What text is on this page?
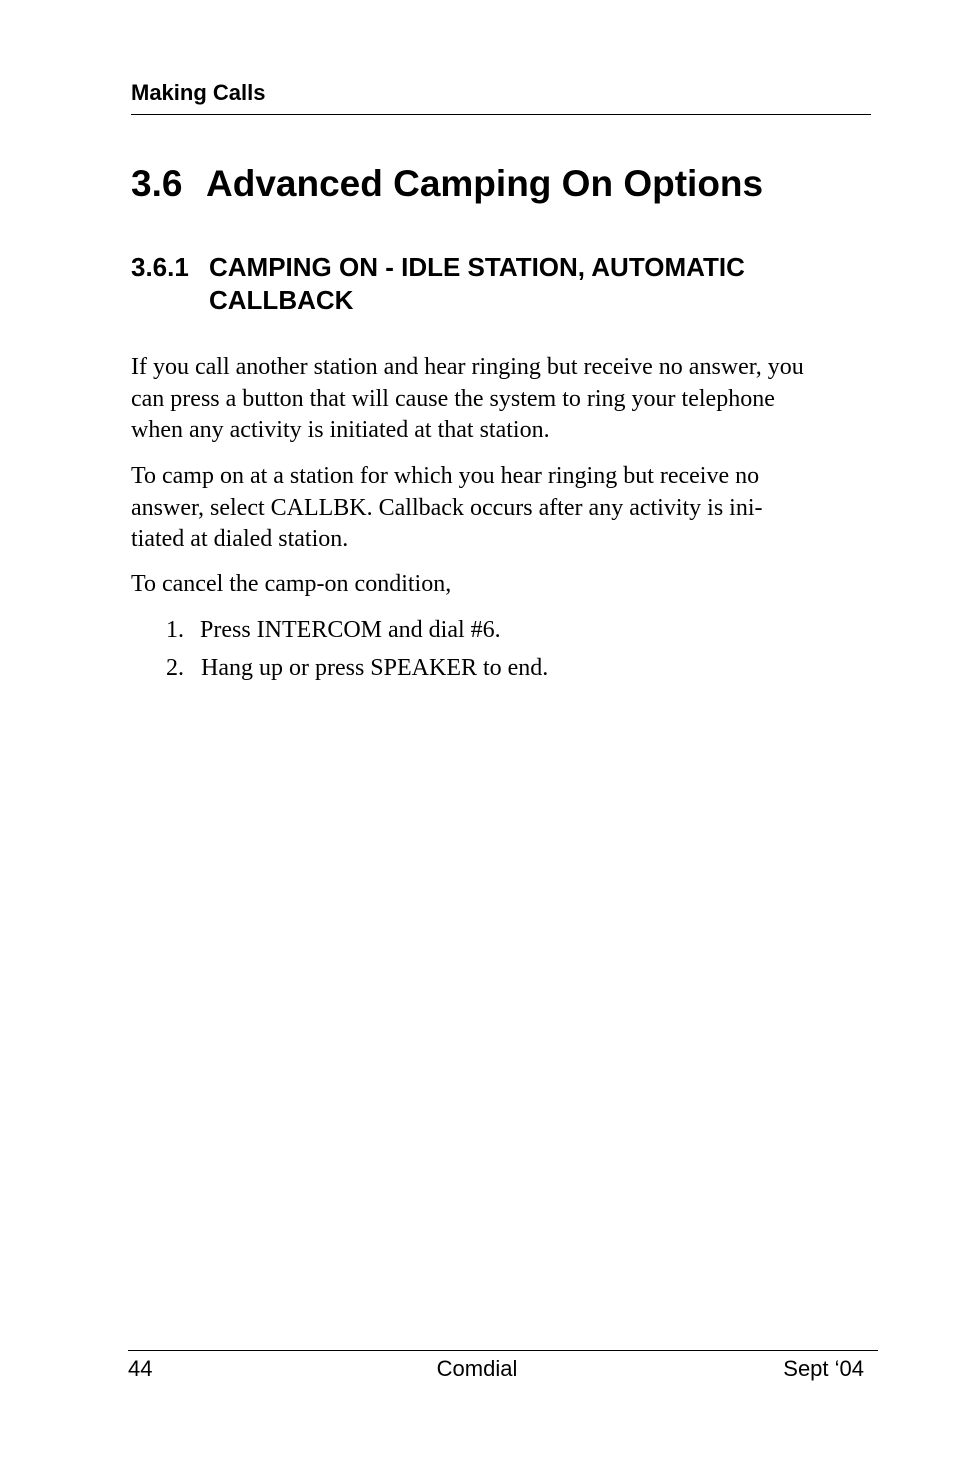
Making Calls
3.6 Advanced Camping On Options
3.6.1 CAMPING ON - IDLE STATION, AUTOMATIC CALLBACK

If you call another station and hear ringing but receive no answer, you
can press a button that will cause the system to ring your telephone
when any activity is initiated at that station.

To camp on at a station for which you hear ringing but receive no
answer, select CALLBK. Callback occurs after any activity is ini-
tiated at dialed station.

To cancel the camp-on condition,

1. Press INTERCOM and dial #6.
2. Hang up or press SPEAKER to end.
44	Comdial	Sept ‘04
